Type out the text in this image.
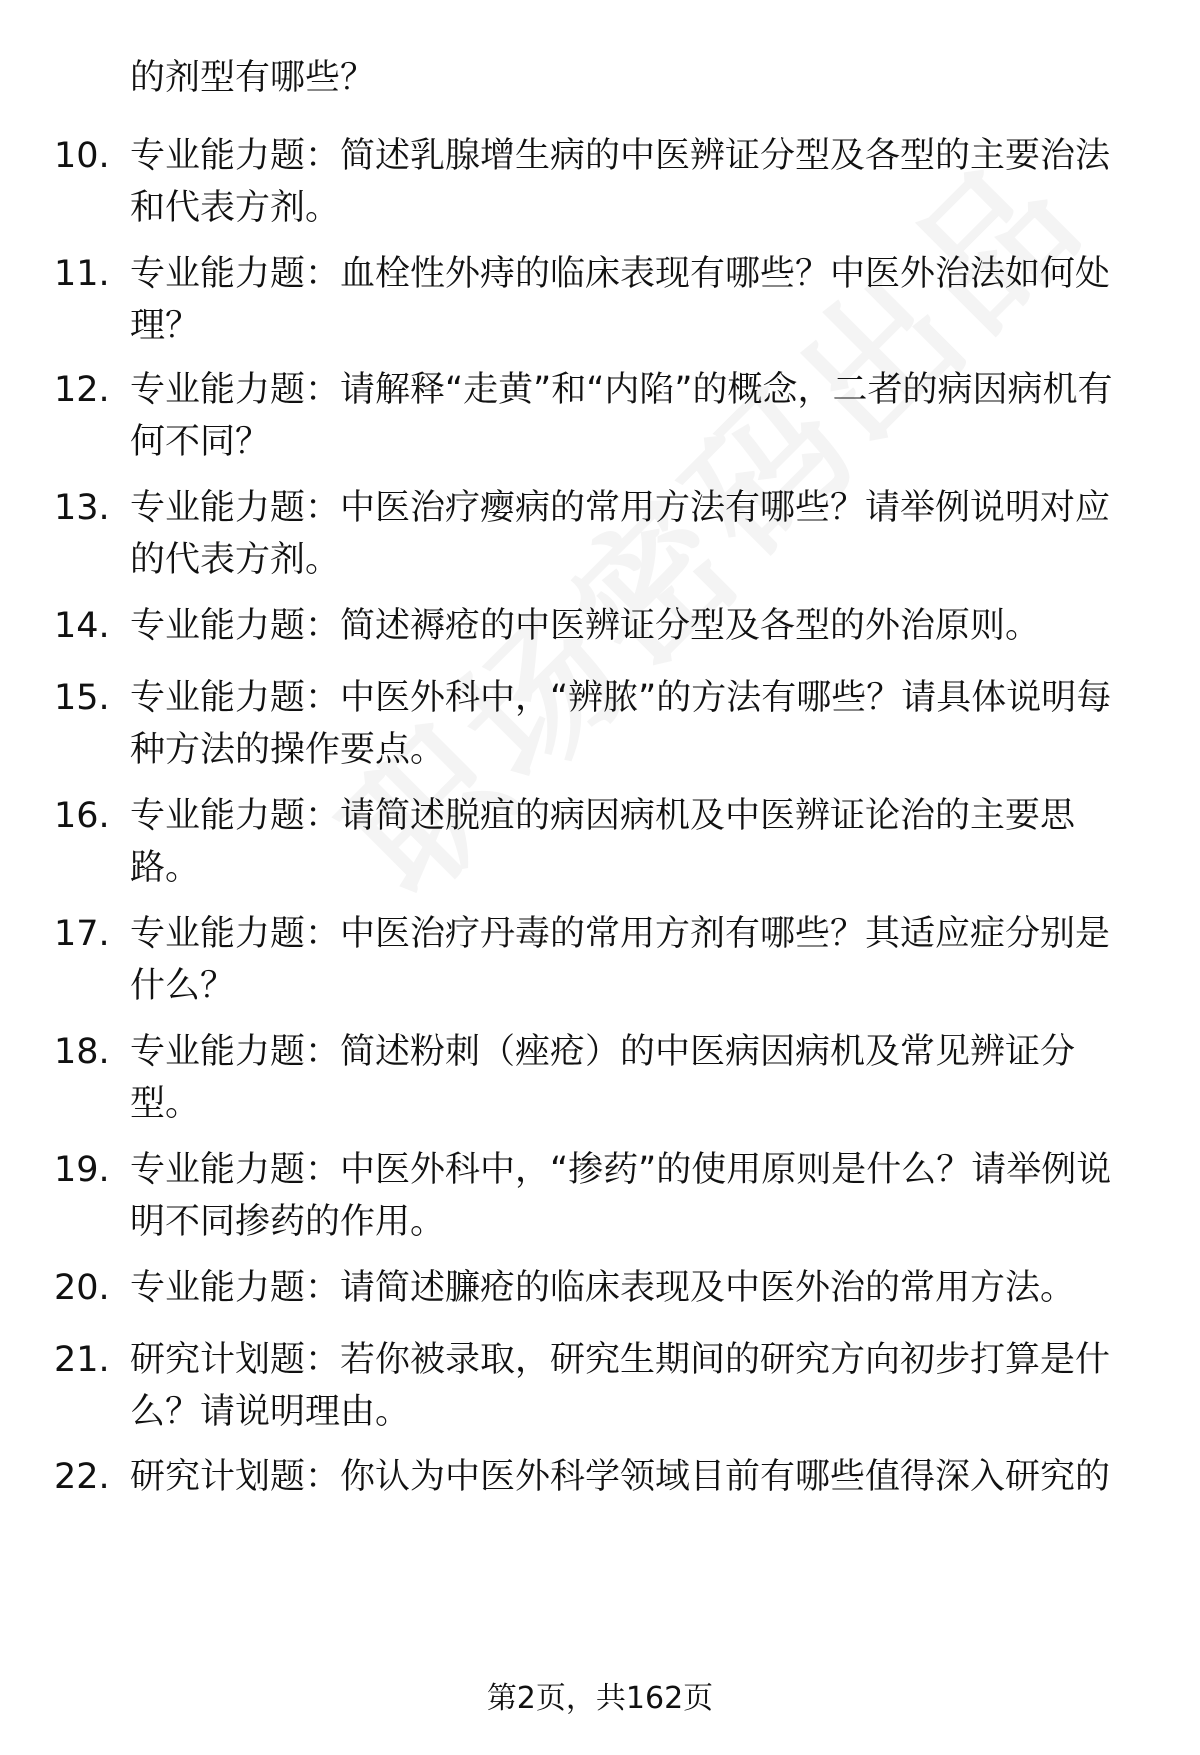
的剂型有哪些？
10. 专业能力题：简述乳腺增生病的中医辨证分型及各型的主要治法和代表方剂。
11. 专业能力题：血栓性外痔的临床表现有哪些？中医外治法如何处理？
12. 专业能力题：请解释“走黄”和“内陷”的概念，二者的病因病机有何不同？
13. 专业能力题：中医治疗瘿病的常用方法有哪些？请举例说明对应的代表方剂。
14. 专业能力题：简述褥疮的中医辨证分型及各型的外治原则。
15. 专业能力题：中医外科中，“辨脓”的方法有哪些？请具体说明每种方法的操作要点。
16. 专业能力题：请简述脱疽的病因病机及中医辨证论治的主要思路。
17. 专业能力题：中医治疗丹毒的常用方剂有哪些？其适应症分别是什么？
18. 专业能力题：简述粉刺（痤疮）的中医病因病机及常见辨证分型。
19. 专业能力题：中医外科中，“掺药”的使用原则是什么？请举例说明不同掺药的作用。
20. 专业能力题：请简述臁疮的临床表现及中医外治的常用方法。
21. 研究计划题：若你被录取，研究生期间的研究方向初步打算是什么？请说明理由。
22. 研究计划题：你认为中医外科学领域目前有哪些值得深入研究的
第2页，共162页
